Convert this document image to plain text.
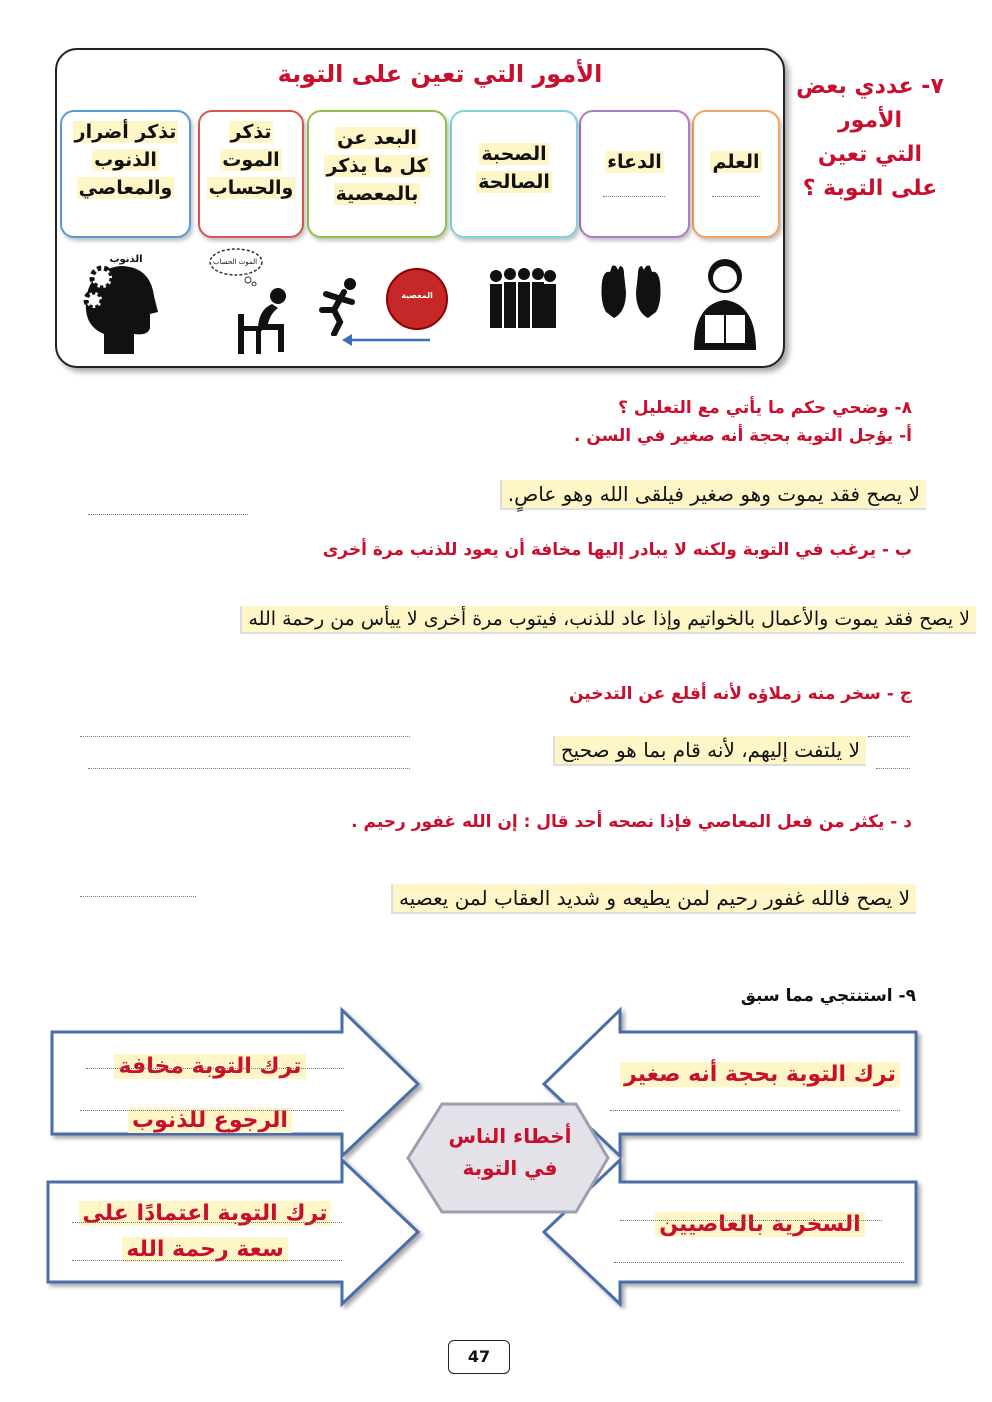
الأمور التي تعين على التوبة
العلم
الدعاء
الصحبة
الصالحة
البعد عن
كل ما يذكر
بالمعصية
تذكر
الموت
والحساب
تذكر أضرار
الذنوب
والمعاصي
المعصية
الموت الحساب
الذنوب
٧- عددي بعض
الأمور
التي تعين
على التوبة ؟
٨- وضحي حكم ما يأتي مع التعليل ؟
أ- يؤجل التوبة بحجة أنه صغير في السن .
لا يصح فقد يموت وهو صغير فيلقى الله وهو عاصٍ.
ب - يرغب في التوبة ولكنه لا يبادر إليها مخافة أن يعود للذنب مرة أخرى
لا يصح فقد يموت والأعمال بالخواتيم وإذا عاد للذنب، فيتوب مرة أخرى لا ييأس من رحمة الله
ج - سخر منه زملاؤه لأنه أقلع عن التدخين
لا يلتفت إليهم، لأنه قام بما هو صحيح
د - يكثر من فعل المعاصي فإذا نصحه أحد قال : إن الله غفور رحيم .
لا يصح فالله غفور رحيم لمن يطيعه و شديد العقاب لمن يعصيه
٩- استنتجي مما سبق
أخطاء الناس
في التوبة
ترك التوبة مخافة
الرجوع للذنوب
ترك التوبة بحجة أنه صغير
ترك التوبة اعتمادًا على
سعة رحمة الله
السخرية بالعاصيين
47
